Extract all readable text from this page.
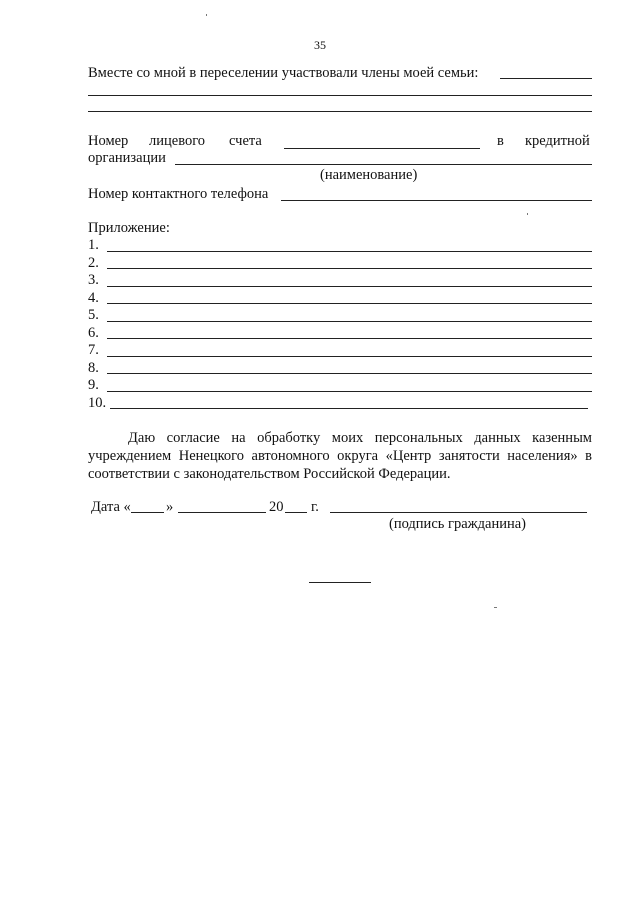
35
Вместе со мной в переселении участвовали члены моей семьи:
Номер лицевого счета	в кредитной
организации
(наименование)
Номер контактного телефона
Приложение:
1.
2.
3.
4.
5.
6.
7.
8.
9.
10.
Даю согласие на обработку моих персональных данных казенным
учреждением Ненецкого автономного округа «Центр занятости населения» в
соответствии с законодательством Российской Федерации.
Дата « »	20 г.
(подпись гражданина)
